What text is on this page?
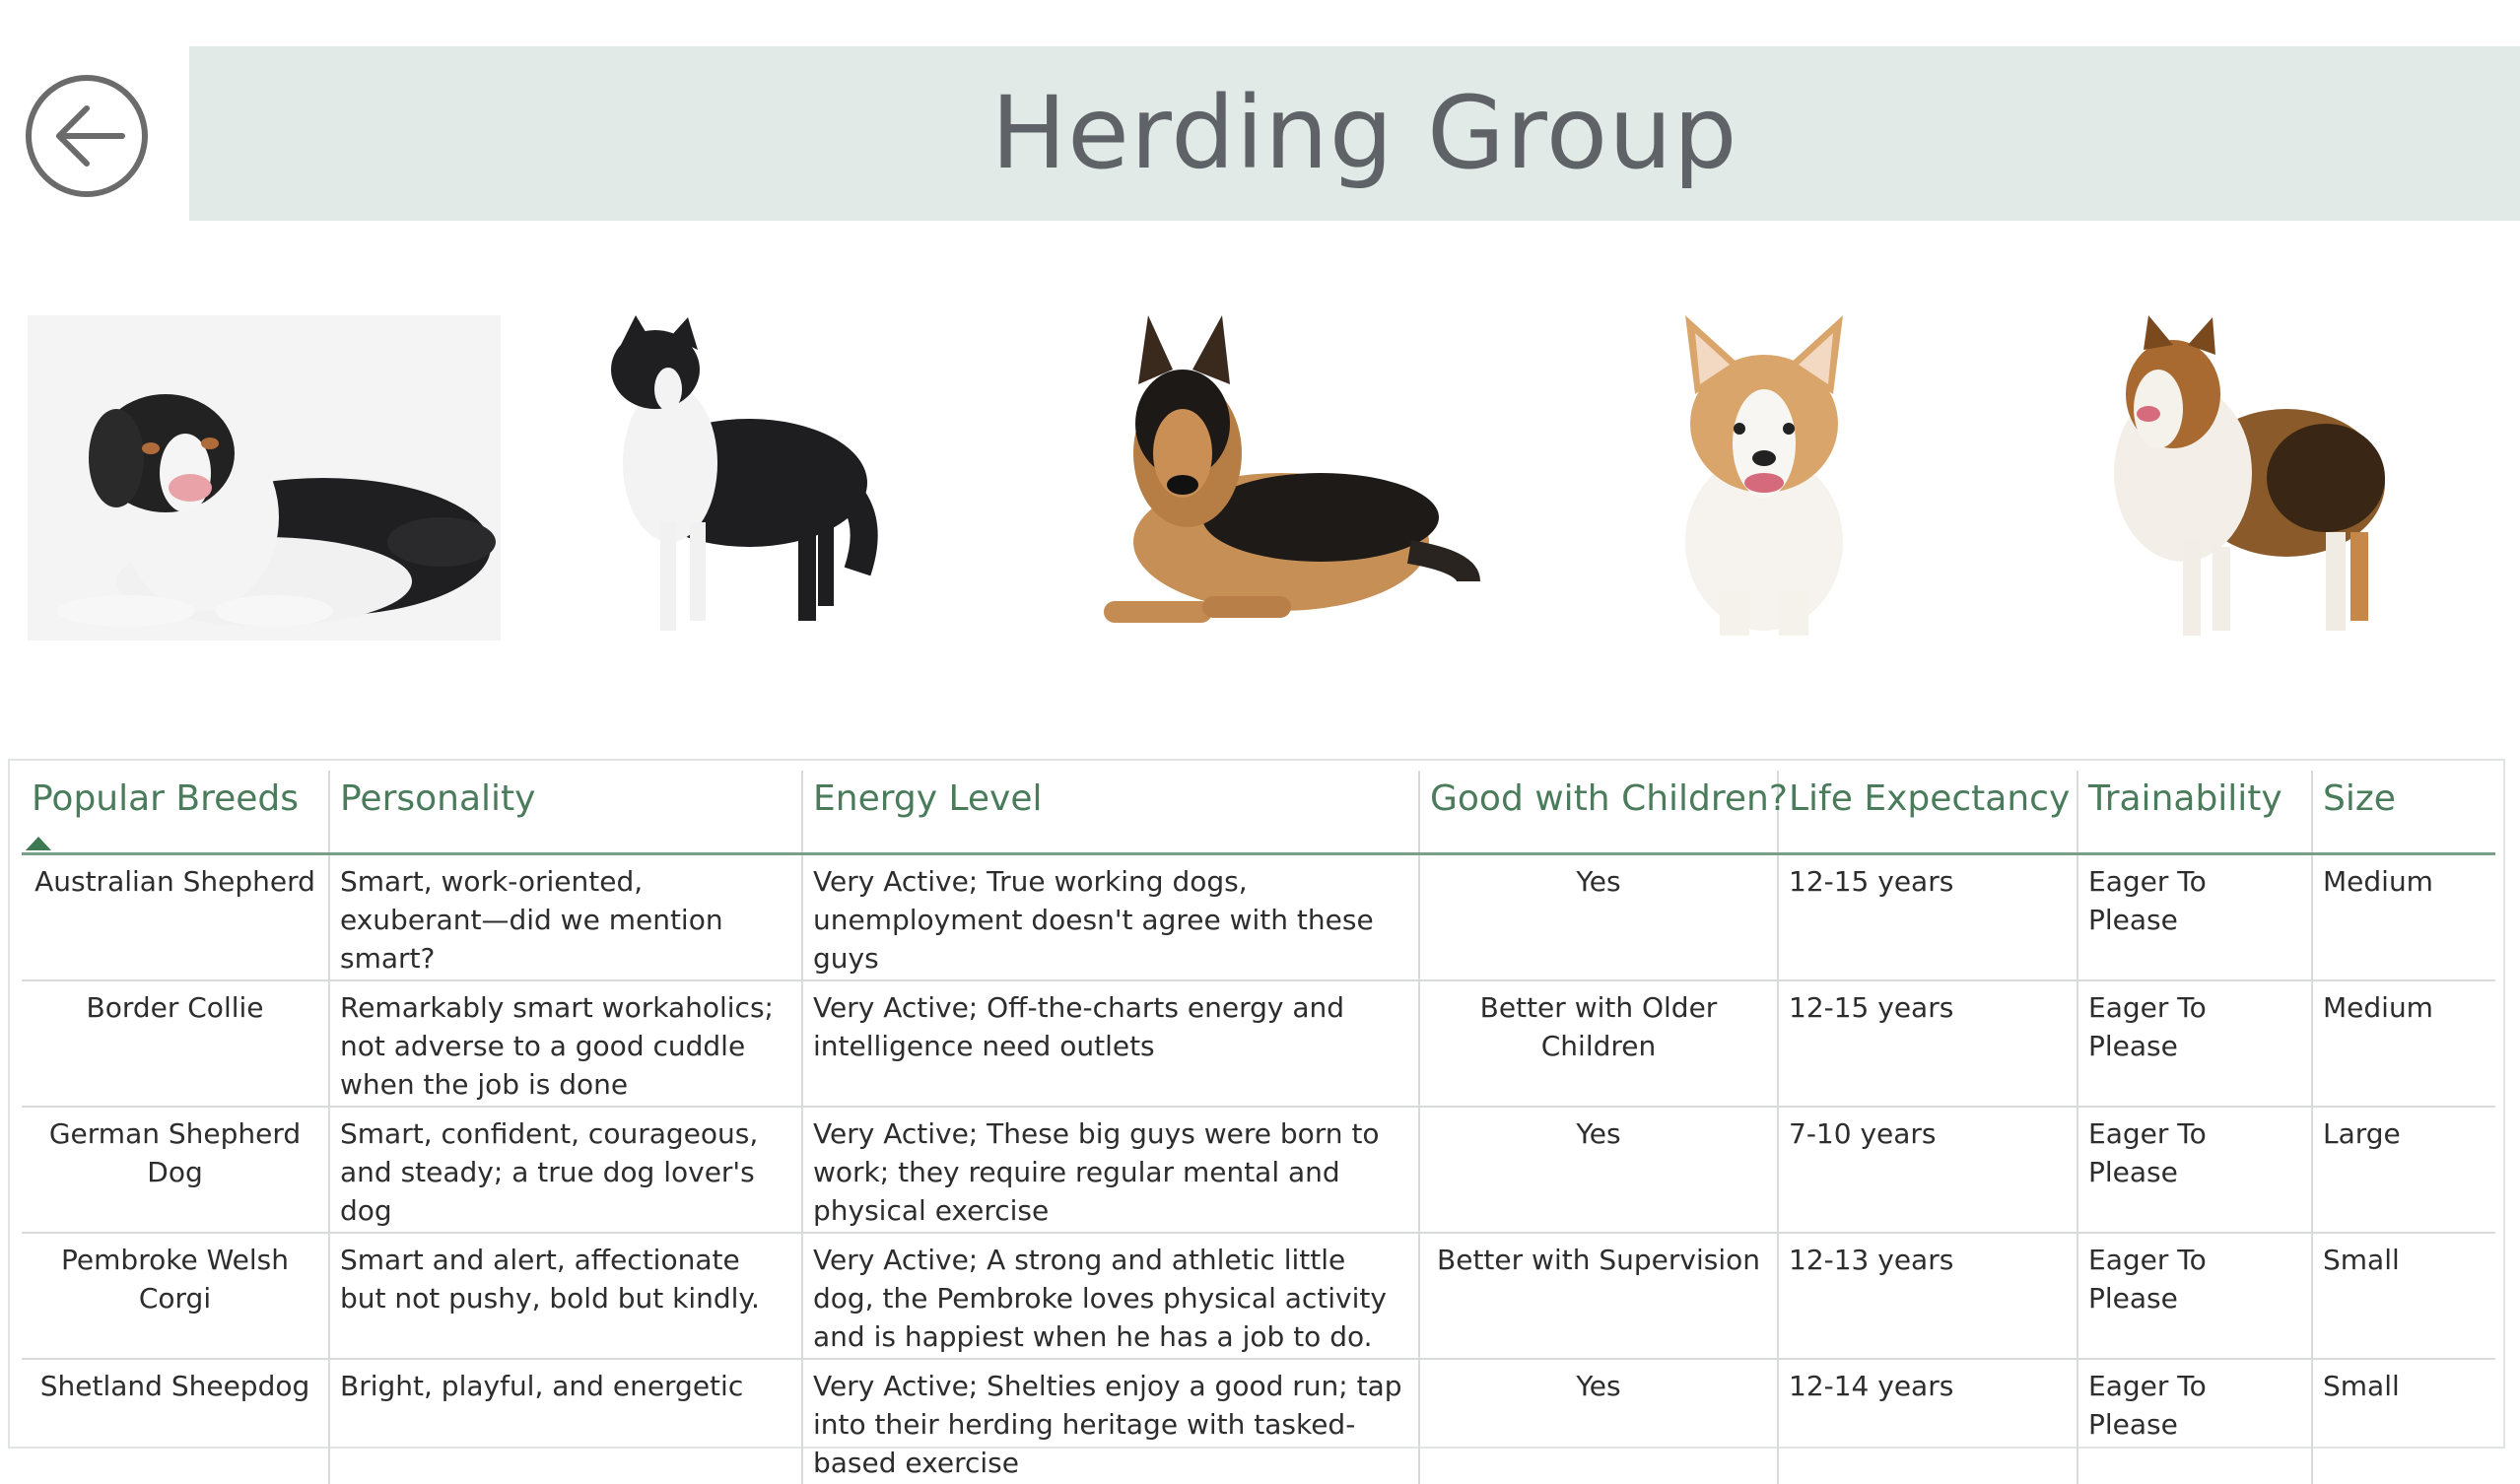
Herding Group
Popular Breeds	Personality	Energy Level	Good with Children?	Life Expectancy	Trainability	Size
Australian Shepherd	Smart, work-oriented, exuberant—did we mention smart?	Very Active; True working dogs, unemployment doesn't agree with these guys	Yes	12-15 years	Eager To Please	Medium
Border Collie	Remarkably smart workaholics; not adverse to a good cuddle when the job is done	Very Active; Off-the-charts energy and intelligence need outlets	Better with Older Children	12-15 years	Eager To Please	Medium
German Shepherd Dog	Smart, confident, courageous, and steady; a true dog lover's dog	Very Active; These big guys were born to work; they require regular mental and physical exercise	Yes	7-10 years	Eager To Please	Large
Pembroke Welsh Corgi	Smart and alert, affectionate but not pushy, bold but kindly.	Very Active; A strong and athletic little dog, the Pembroke loves physical activity and is happiest when he has a job to do.	Better with Supervision	12-13 years	Eager To Please	Small
Shetland Sheepdog	Bright, playful, and energetic	Very Active; Shelties enjoy a good run; tap into their herding heritage with tasked-based exercise	Yes	12-14 years	Eager To Please	Small
